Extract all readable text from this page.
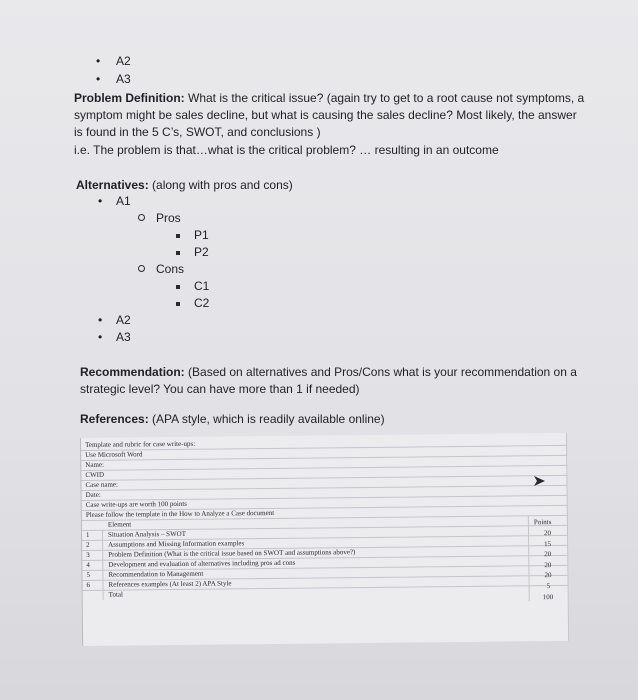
• A2
• A3
Problem Definition: What is the critical issue? (again try to get to a root cause not symptoms, a
symptom might be sales decline, but what is causing the sales decline? Most likely, the answer
is found in the 5 C’s, SWOT, and conclusions )
i.e. The problem is that…what is the critical problem? … resulting in an outcome
Alternatives: (along with pros and cons)
• A1
Pros
P1
P2
Cons
C1
C2
• A2
• A3
Recommendation: (Based on alternatives and Pros/Cons what is your recommendation on a
strategic level? You can have more than 1 if needed)
References: (APA style, which is readily available online)
Template and rubric for case write-ups:
Use Microsoft Word
Name:
CWID
Case name:
Date:
Case write-ups are worth 100 points
Please follow the template in the How to Analyze a Case document
Element	Points
1	Situation Analysis – SWOT	20
2	Assumptions and Missing Information examples	15
3	Problem Definition (What is the critical issue based on SWOT and assumptions above?)	20
4	Development and evaluation of alternatives including pros ad cons	20
5	Recommendation to Management	20
6	References examples (At least 2) APA Style	5
Total	100
